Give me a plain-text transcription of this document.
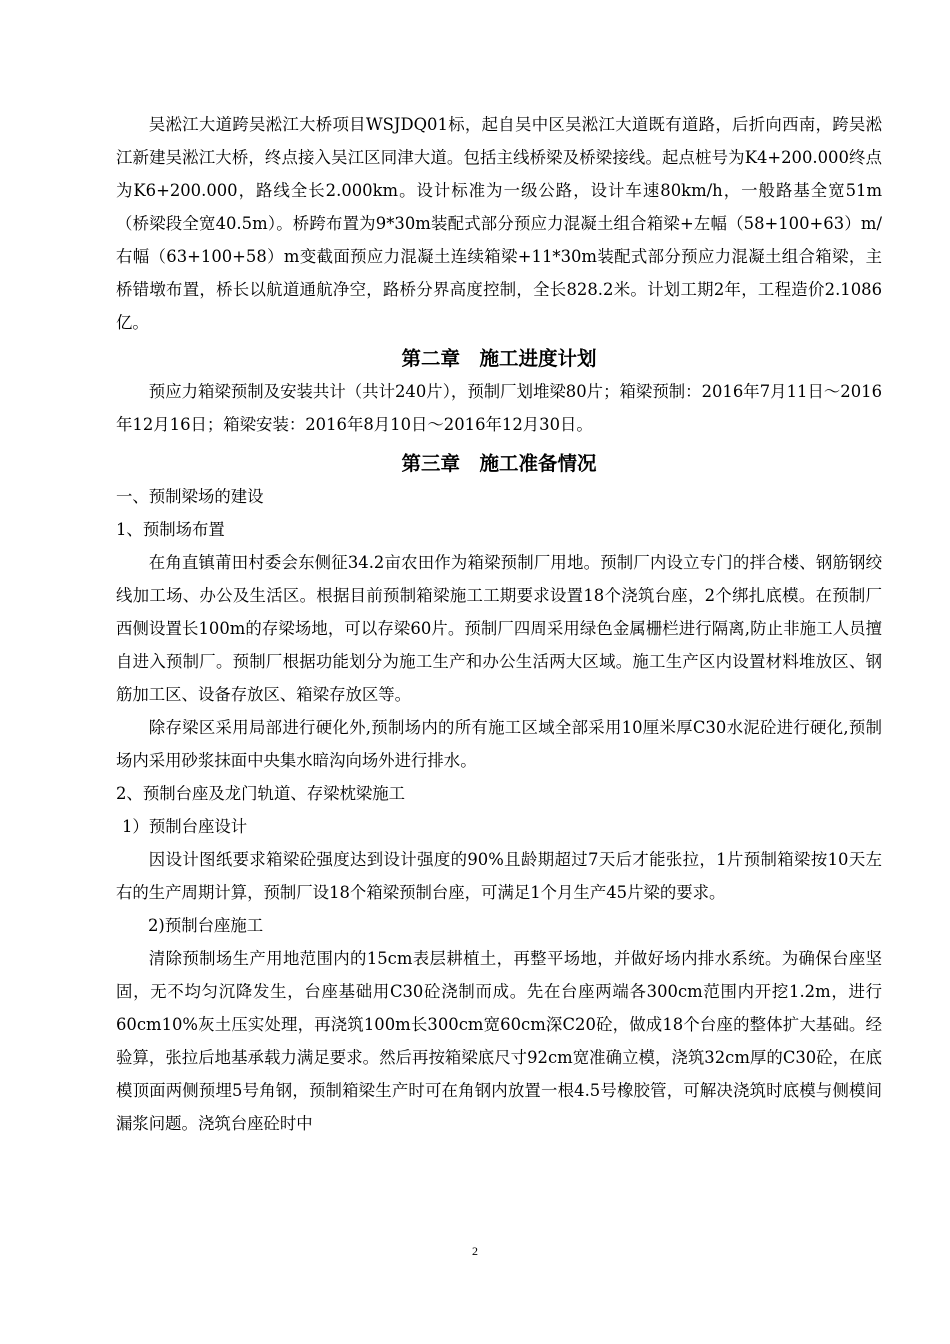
吴淞江大道跨吴淞江大桥项目WSJDQ01标，起自吴中区吴淞江大道既有道路，后折向西南，跨吴淞江新建吴淞江大桥，终点接入吴江区同津大道。包括主线桥梁及桥梁接线。起点桩号为K4+200.000终点为K6+200.000，路线全长2.000km。设计标准为一级公路，设计车速80km/h，一般路基全宽51m（桥梁段全宽40.5m）。桥跨布置为9*30m装配式部分预应力混凝土组合箱梁+左幅（58+100+63）m/右幅（63+100+58）m变截面预应力混凝土连续箱梁+11*30m装配式部分预应力混凝土组合箱梁，主桥错墩布置，桥长以航道通航净空，路桥分界高度控制，全长828.2米。计划工期2年，工程造价2.1086亿。

第二章　施工进度计划

预应力箱梁预制及安装共计（共计240片），预制厂划堆梁80片；箱梁预制：2016年7月11日～2016年12月16日；箱梁安装：2016年8月10日～2016年12月30日。

第三章　施工准备情况

一、预制梁场的建设

1、预制场布置

在角直镇莆田村委会东侧征34.2亩农田作为箱梁预制厂用地。预制厂内设立专门的拌合楼、钢筋钢绞线加工场、办公及生活区。根据目前预制箱梁施工工期要求设置18个浇筑台座，2个绑扎底模。在预制厂西侧设置长100m的存梁场地，可以存梁60片。预制厂四周采用绿色金属栅栏进行隔离,防止非施工人员擅自进入预制厂。预制厂根据功能划分为施工生产和办公生活两大区域。施工生产区内设置材料堆放区、钢筋加工区、设备存放区、箱梁存放区等。

除存梁区采用局部进行硬化外,预制场内的所有施工区域全部采用10厘米厚C30水泥砼进行硬化,预制场内采用砂浆抹面中央集水暗沟向场外进行排水。

2、预制台座及龙门轨道、存梁枕梁施工

1）预制台座设计

因设计图纸要求箱梁砼强度达到设计强度的90%且龄期超过7天后才能张拉，1片预制箱梁按10天左右的生产周期计算，预制厂设18个箱梁预制台座，可满足1个月生产45片梁的要求。

2)预制台座施工

清除预制场生产用地范围内的15cm表层耕植土，再整平场地，并做好场内排水系统。为确保台座坚固，无不均匀沉降发生，台座基础用C30砼浇制而成。先在台座两端各300cm范围内开挖1.2m，进行60cm10%灰土压实处理，再浇筑100m长300cm宽60cm深C20砼，做成18个台座的整体扩大基础。经验算，张拉后地基承载力满足要求。然后再按箱梁底尺寸92cm宽准确立模，浇筑32cm厚的C30砼，在底模顶面两侧预埋5号角钢，预制箱梁生产时可在角钢内放置一根4.5号橡胶管，可解决浇筑时底模与侧模间漏浆问题。浇筑台座砼时中

2
